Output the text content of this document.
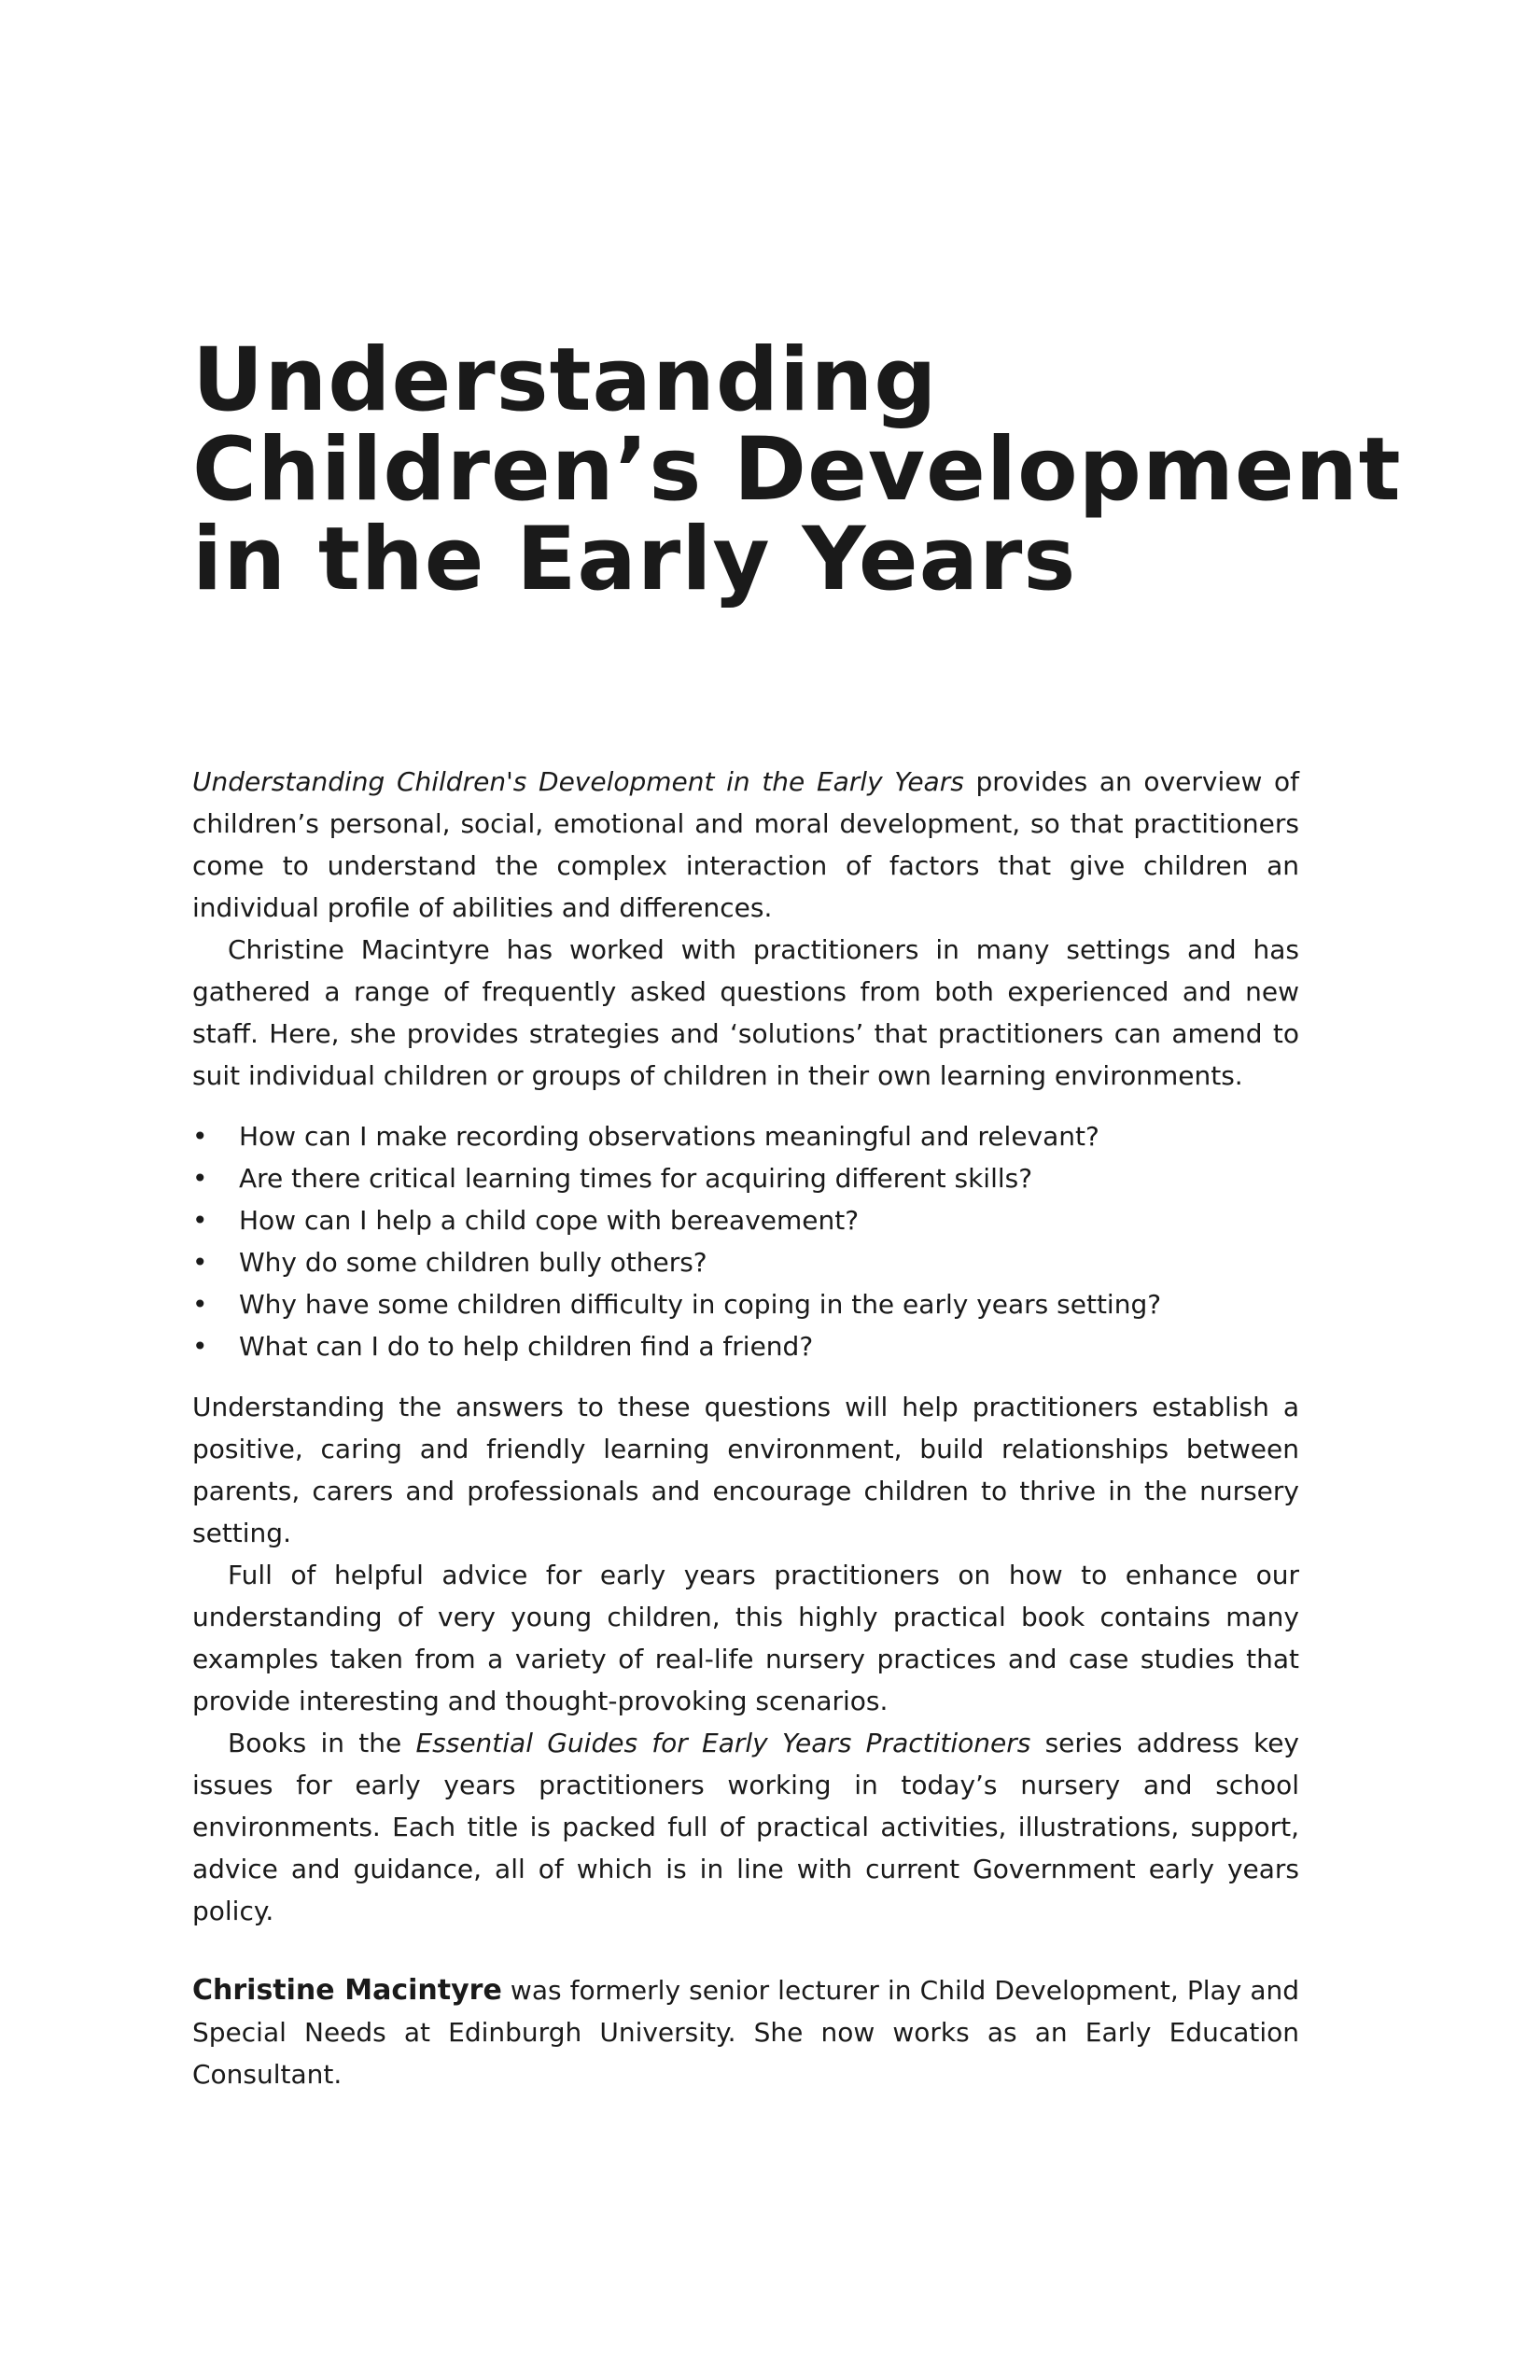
Understanding
Children’s Development
in the Early Years

Understanding Children's Development in the Early Years provides an overview of children’s personal, social, emotional and moral development, so that practitioners come to understand the complex interaction of factors that give children an individual profile of abilities and differences.

Christine Macintyre has worked with practitioners in many settings and has gathered a range of frequently asked questions from both experienced and new staff. Here, she provides strategies and ‘solutions’ that practitioners can amend to suit individual children or groups of children in their own learning environments.

• How can I make recording observations meaningful and relevant?
• Are there critical learning times for acquiring different skills?
• How can I help a child cope with bereavement?
• Why do some children bully others?
• Why have some children difficulty in coping in the early years setting?
• What can I do to help children find a friend?

Understanding the answers to these questions will help practitioners establish a positive, caring and friendly learning environment, build relationships between parents, carers and professionals and encourage children to thrive in the nursery setting.

Full of helpful advice for early years practitioners on how to enhance our understanding of very young children, this highly practical book contains many examples taken from a variety of real-life nursery practices and case studies that provide interesting and thought-provoking scenarios.

Books in the Essential Guides for Early Years Practitioners series address key issues for early years practitioners working in today’s nursery and school environments. Each title is packed full of practical activities, illustrations, support, advice and guidance, all of which is in line with current Government early years policy.

Christine Macintyre was formerly senior lecturer in Child Development, Play and Special Needs at Edinburgh University. She now works as an Early Education Consultant.
